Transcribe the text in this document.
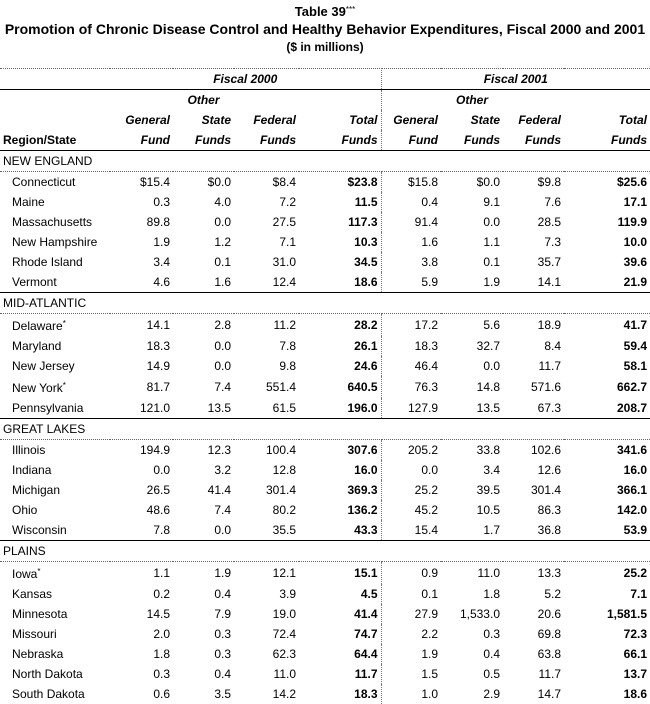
Table 39***
Promotion of Chronic Disease Control and Healthy Behavior Expenditures, Fiscal 2000 and 2001
($ in millions)
	Fiscal 2000				Fiscal 2001			
		Other				Other		
	General	State	Federal	Total	General	State	Federal	Total
Region/State	Fund	Funds	Funds	Funds	Fund	Funds	Funds	Funds
NEW ENGLAND								
Connecticut	$15.4	$0.0	$8.4	$23.8	$15.8	$0.0	$9.8	$25.6
Maine	0.3	4.0	7.2	11.5	0.4	9.1	7.6	17.1
Massachusetts	89.8	0.0	27.5	117.3	91.4	0.0	28.5	119.9
New Hampshire	1.9	1.2	7.1	10.3	1.6	1.1	7.3	10.0
Rhode Island	3.4	0.1	31.0	34.5	3.8	0.1	35.7	39.6
Vermont	4.6	1.6	12.4	18.6	5.9	1.9	14.1	21.9
MID-ATLANTIC								
Delaware*	14.1	2.8	11.2	28.2	17.2	5.6	18.9	41.7
Maryland	18.3	0.0	7.8	26.1	18.3	32.7	8.4	59.4
New Jersey	14.9	0.0	9.8	24.6	46.4	0.0	11.7	58.1
New York*	81.7	7.4	551.4	640.5	76.3	14.8	571.6	662.7
Pennsylvania	121.0	13.5	61.5	196.0	127.9	13.5	67.3	208.7
GREAT LAKES								
Illinois	194.9	12.3	100.4	307.6	205.2	33.8	102.6	341.6
Indiana	0.0	3.2	12.8	16.0	0.0	3.4	12.6	16.0
Michigan	26.5	41.4	301.4	369.3	25.2	39.5	301.4	366.1
Ohio	48.6	7.4	80.2	136.2	45.2	10.5	86.3	142.0
Wisconsin	7.8	0.0	35.5	43.3	15.4	1.7	36.8	53.9
PLAINS								
Iowa*	1.1	1.9	12.1	15.1	0.9	11.0	13.3	25.2
Kansas	0.2	0.4	3.9	4.5	0.1	1.8	5.2	7.1
Minnesota	14.5	7.9	19.0	41.4	27.9	1,533.0	20.6	1,581.5
Missouri	2.0	0.3	72.4	74.7	2.2	0.3	69.8	72.3
Nebraska	1.8	0.3	62.3	64.4	1.9	0.4	63.8	66.1
North Dakota	0.3	0.4	11.0	11.7	1.5	0.5	11.7	13.7
South Dakota	0.6	3.5	14.2	18.3	1.0	2.9	14.7	18.6
